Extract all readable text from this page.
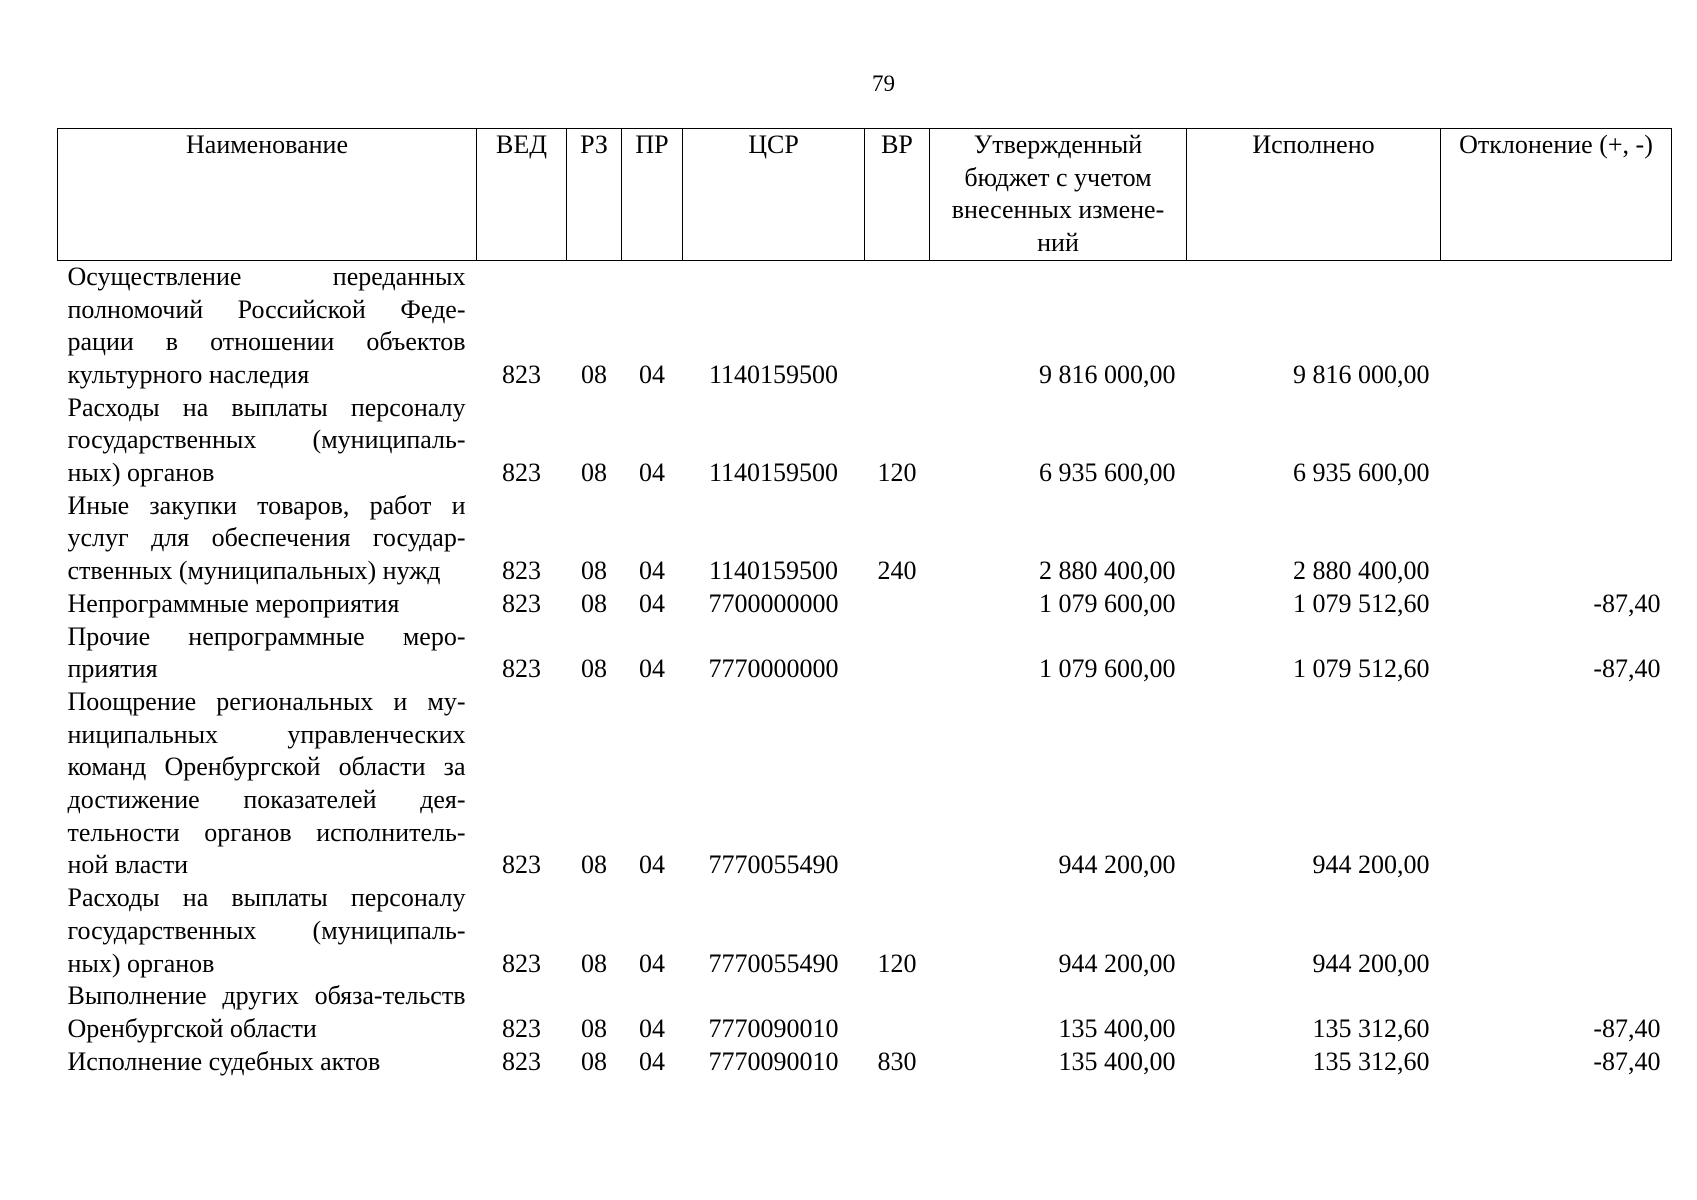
79
Наименование	ВЕД	РЗ	ПР	ЦСР	ВР	Утвержденный бюджет с учетом внесенных измене-ний	Исполнено	Отклонение (+, -)
Осуществление переданных полномочий Российской Феде-рации в отношении объектов культурного наследия	823	08	04	1140159500		9 816 000,00	9 816 000,00	
Расходы на выплаты персоналу государственных (муниципаль-ных) органов	823	08	04	1140159500	120	6 935 600,00	6 935 600,00	
Иные закупки товаров, работ и услуг для обеспечения государ-ственных (муниципальных) нужд	823	08	04	1140159500	240	2 880 400,00	2 880 400,00	
Непрограммные мероприятия	823	08	04	7700000000		1 079 600,00	1 079 512,60	-87,40
Прочие непрограммные меро-приятия	823	08	04	7770000000		1 079 600,00	1 079 512,60	-87,40
Поощрение региональных и му-ниципальных управленческих команд Оренбургской области за достижение показателей дея-тельности органов исполнитель-ной власти	823	08	04	7770055490		944 200,00	944 200,00	
Расходы на выплаты персоналу государственных (муниципаль-ных) органов	823	08	04	7770055490	120	944 200,00	944 200,00	
Выполнение других обяза-тельств Оренбургской области	823	08	04	7770090010		135 400,00	135 312,60	-87,40
Исполнение судебных актов	823	08	04	7770090010	830	135 400,00	135 312,60	-87,40
